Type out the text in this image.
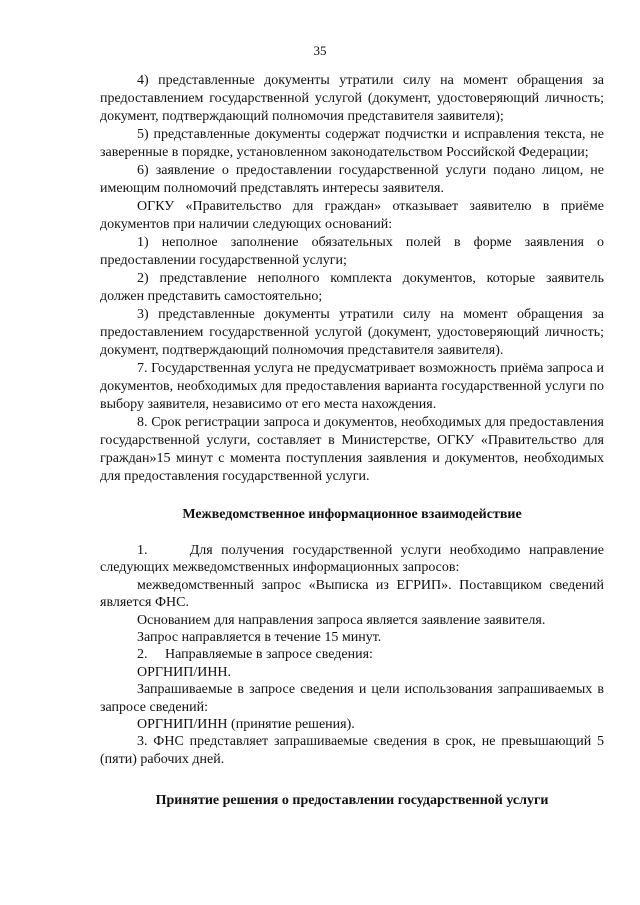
35

4) представленные документы утратили силу на момент обращения за предоставлением государственной услугой (документ, удостоверяющий личность; документ, подтверждающий полномочия представителя заявителя);

5) представленные документы содержат подчистки и исправления текста, не заверенные в порядке, установленном законодательством Российской Федерации;

6) заявление о предоставлении государственной услуги подано лицом, не имеющим полномочий представлять интересы заявителя.

ОГКУ «Правительство для граждан» отказывает заявителю в приёме документов при наличии следующих оснований:

1) неполное заполнение обязательных полей в форме заявления о предоставлении государственной услуги;

2) представление неполного комплекта документов, которые заявитель должен представить самостоятельно;

3) представленные документы утратили силу на момент обращения за предоставлением государственной услугой (документ, удостоверяющий личность; документ, подтверждающий полномочия представителя заявителя).

7. Государственная услуга не предусматривает возможность приёма запроса и документов, необходимых для предоставления варианта государственной услуги по выбору заявителя, независимо от его места нахождения.

8. Срок регистрации запроса и документов, необходимых для предоставления государственной услуги, составляет в Министерстве, ОГКУ «Правительство для граждан»15 минут с момента поступления заявления и документов, необходимых для предоставления государственной услуги.

Межведомственное информационное взаимодействие

1.     Для получения государственной услуги необходимо направление следующих межведомственных информационных запросов:

межведомственный запрос «Выписка из ЕГРИП». Поставщиком сведений является ФНС.

Основанием для направления запроса является заявление заявителя.

Запрос направляется в течение 15 минут.

2.     Направляемые в запросе сведения:

ОРГНИП/ИНН.

Запрашиваемые в запросе сведения и цели использования запрашиваемых в запросе сведений:

ОРГНИП/ИНН (принятие решения).

3. ФНС представляет запрашиваемые сведения в срок, не превышающий 5 (пяти) рабочих дней.

Принятие решения о предоставлении государственной услуги
